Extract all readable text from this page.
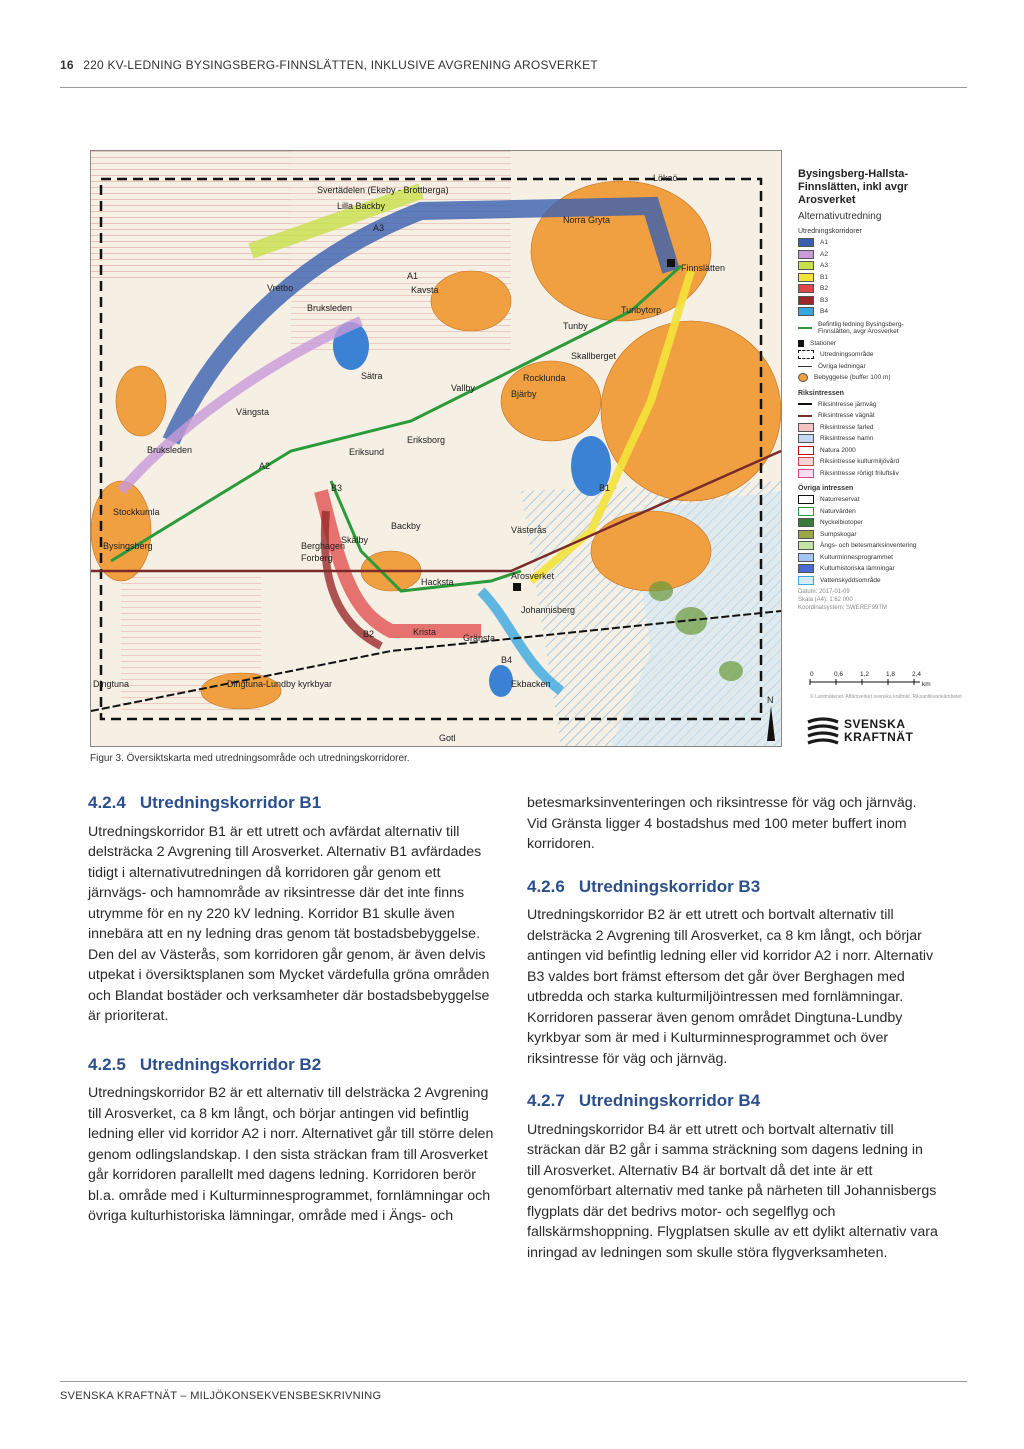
16 220 KV-LEDNING BYSINGSBERG-FINNSLÄTTEN, INKLUSIVE AVGRENING AROSVERKET
Svertädelen (Ekeby - Brottberga)
Lilla Backby
A3
A1
Kavsta
Vretbo
Bruksleden
Norra Gryta
Finnslätten
Tunbytorp
Tunby
Skallberget
Rocklunda
Bjärby
Vallby
Sätra
Eriksborg
Eriksund
Vängsta
Bruksleden
A2
B3	B1
Västerås
Backby
Skälby
Berghagen
Forberg
Stockkumla
Bysingsberg
Hacksta
Arosverket
Johannisberg
B2	Krista
Gränsta
B4
Ekbacken
Dingtuna	Dingtuna-Lundby kyrkbyar
Lökaö
Gotl
N
Bysingsberg-Hallsta-Finnslätten, inkl avgr Arosverket
Alternativutredning
Utredningskorridorer
A1
A2
A3
B1
B2
B3
B4
Befintlig ledning Bysingsberg-Finnslätten, avgr Arosverket
Stationer
Utredningsområde
Övriga ledningar
Bebyggelse (buffer 100 m)
Riksintressen
Riksintresse järnväg
Riksintresse vägnät
Riksintresse farled
Riksintresse hamn
Natura 2000
Riksintresse kulturmiljövård
Riksintresse rörligt friluftsliv
Övriga intressen
Naturreservat
Naturvärden
Nyckelbiotoper
Sumpskogar
Ängs- och betesmarksinventering
Kulturminnesprogrammet
Kulturhistoriska lämningar
Vattenskyddsområde
Datum: 2017-01-09
Skala (A4): 1:62 000
Koordinatsystem: SWEREF99TM
0	0,6	1,2	1,8	2,4
km
© Lantmäteriet. Affärsverket svenska kraftnät. Riksantikvarieämbetet
SVENSKA
KRAFTNÄT
Figur 3. Översiktskarta med utredningsområde och utredningskorridorer.
4.2.4 Utredningskorridor B1

Utredningskorridor B1 är ett utrett och avfärdat alternativ till delsträcka 2 Avgrening till Arosverket. Alternativ B1 avfärdades tidigt i alternativutredningen då korridoren går genom ett järnvägs- och hamnområde av riksintresse där det inte finns utrymme för en ny 220 kV ledning. Korridor B1 skulle även innebära att en ny ledning dras genom tät bostadsbebyggelse. Den del av Västerås, som korridoren går genom, är även delvis utpekat i översiktsplanen som Mycket värdefulla gröna områden och Blandat bostäder och verksamheter där bostadsbebyggelse är prioriterat.

4.2.5 Utredningskorridor B2

Utredningskorridor B2 är ett alternativ till delsträcka 2 Avgrening till Arosverket, ca 8 km långt, och börjar antingen vid befintlig ledning eller vid korridor A2 i norr. Alternativet går till större delen genom odlingslandskap. I den sista sträckan fram till Arosverket går korridoren parallellt med dagens ledning. Korridoren berör bl.a. område med i Kulturminnesprogrammet, fornlämningar och övriga kulturhistoriska lämningar, område med i Ängs- och

betesmarksinventeringen och riksintresse för väg och järnväg. Vid Gränsta ligger 4 bostadshus med 100 meter buffert inom korridoren.

4.2.6 Utredningskorridor B3

Utredningskorridor B2 är ett utrett och bortvalt alternativ till delsträcka 2 Avgrening till Arosverket, ca 8 km långt, och börjar antingen vid befintlig ledning eller vid korridor A2 i norr. Alternativ B3 valdes bort främst eftersom det går över Berghagen med utbredda och starka kulturmiljöintressen med fornlämningar. Korridoren passerar även genom området Dingtuna-Lundby kyrkbyar som är med i Kulturminnesprogrammet och över riksintresse för väg och järnväg.

4.2.7 Utredningskorridor B4

Utredningskorridor B4 är ett utrett och bortvalt alternativ till sträckan där B2 går i samma sträckning som dagens ledning in till Arosverket. Alternativ B4 är bortvalt då det inte är ett genomförbart alternativ med tanke på närheten till Johannisbergs flygplats där det bedrivs motor- och segelflyg och fallskärmshoppning. Flygplatsen skulle av ett dylikt alternativ vara inringad av ledningen som skulle störa flygverksamheten.

SVENSKA KRAFTNÄT – MILJÖKONSEKVENSBESKRIVNING
